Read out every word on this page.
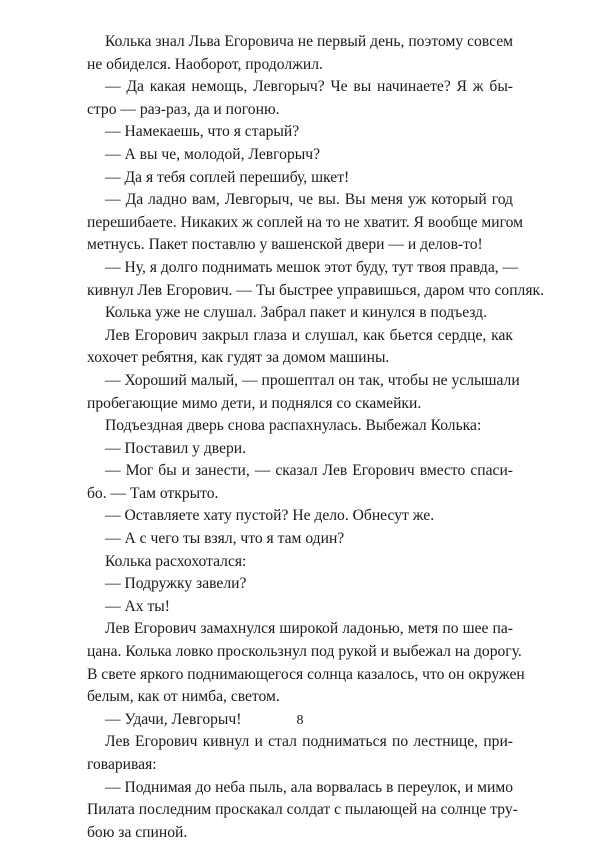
Колька знал Льва Егоровича не первый день, поэтому совсем
не обиделся. Наоборот, продолжил.
— Да какая немощь, Левгорыч? Че вы начинаете? Я ж бы-
стро — раз-раз, да и погоню.
— Намекаешь, что я старый?
— А вы че, молодой, Левгорыч?
— Да я тебя соплей перешибу, шкет!
— Да ладно вам, Левгорыч, че вы. Вы меня уж который год
перешибаете. Никаких ж соплей на то не хватит. Я вообще мигом
метнусь. Пакет поставлю у вашенской двери — и делов-то!
— Ну, я долго поднимать мешок этот буду, тут твоя правда, —
кивнул Лев Егорович. — Ты быстрее управишься, даром что сопляк.
Колька уже не слушал. Забрал пакет и кинулся в подъезд.
Лев Егорович закрыл глаза и слушал, как бьется сердце, как
хохочет ребятня, как гудят за домом машины.
— Хороший малый, — прошептал он так, чтобы не услышали
пробегающие мимо дети, и поднялся со скамейки.
Подъездная дверь снова распахнулась. Выбежал Колька:
— Поставил у двери.
— Мог бы и занести, — сказал Лев Егорович вместо спаси-
бо. — Там открыто.
— Оставляете хату пустой? Не дело. Обнесут же.
— А с чего ты взял, что я там один?
Колька расхохотался:
— Подружку завели?
— Ах ты!
Лев Егорович замахнулся широкой ладонью, метя по шее па-
цана. Колька ловко проскользнул под рукой и выбежал на дорогу.
В свете яркого поднимающегося солнца казалось, что он окружен
белым, как от нимба, светом.
— Удачи, Левгорыч!
Лев Егорович кивнул и стал подниматься по лестнице, при-
говаривая:
— Поднимая до неба пыль, ала ворвалась в переулок, и мимо
Пилата последним проскакал солдат с пылающей на солнце тру-
бою за спиной.
8
